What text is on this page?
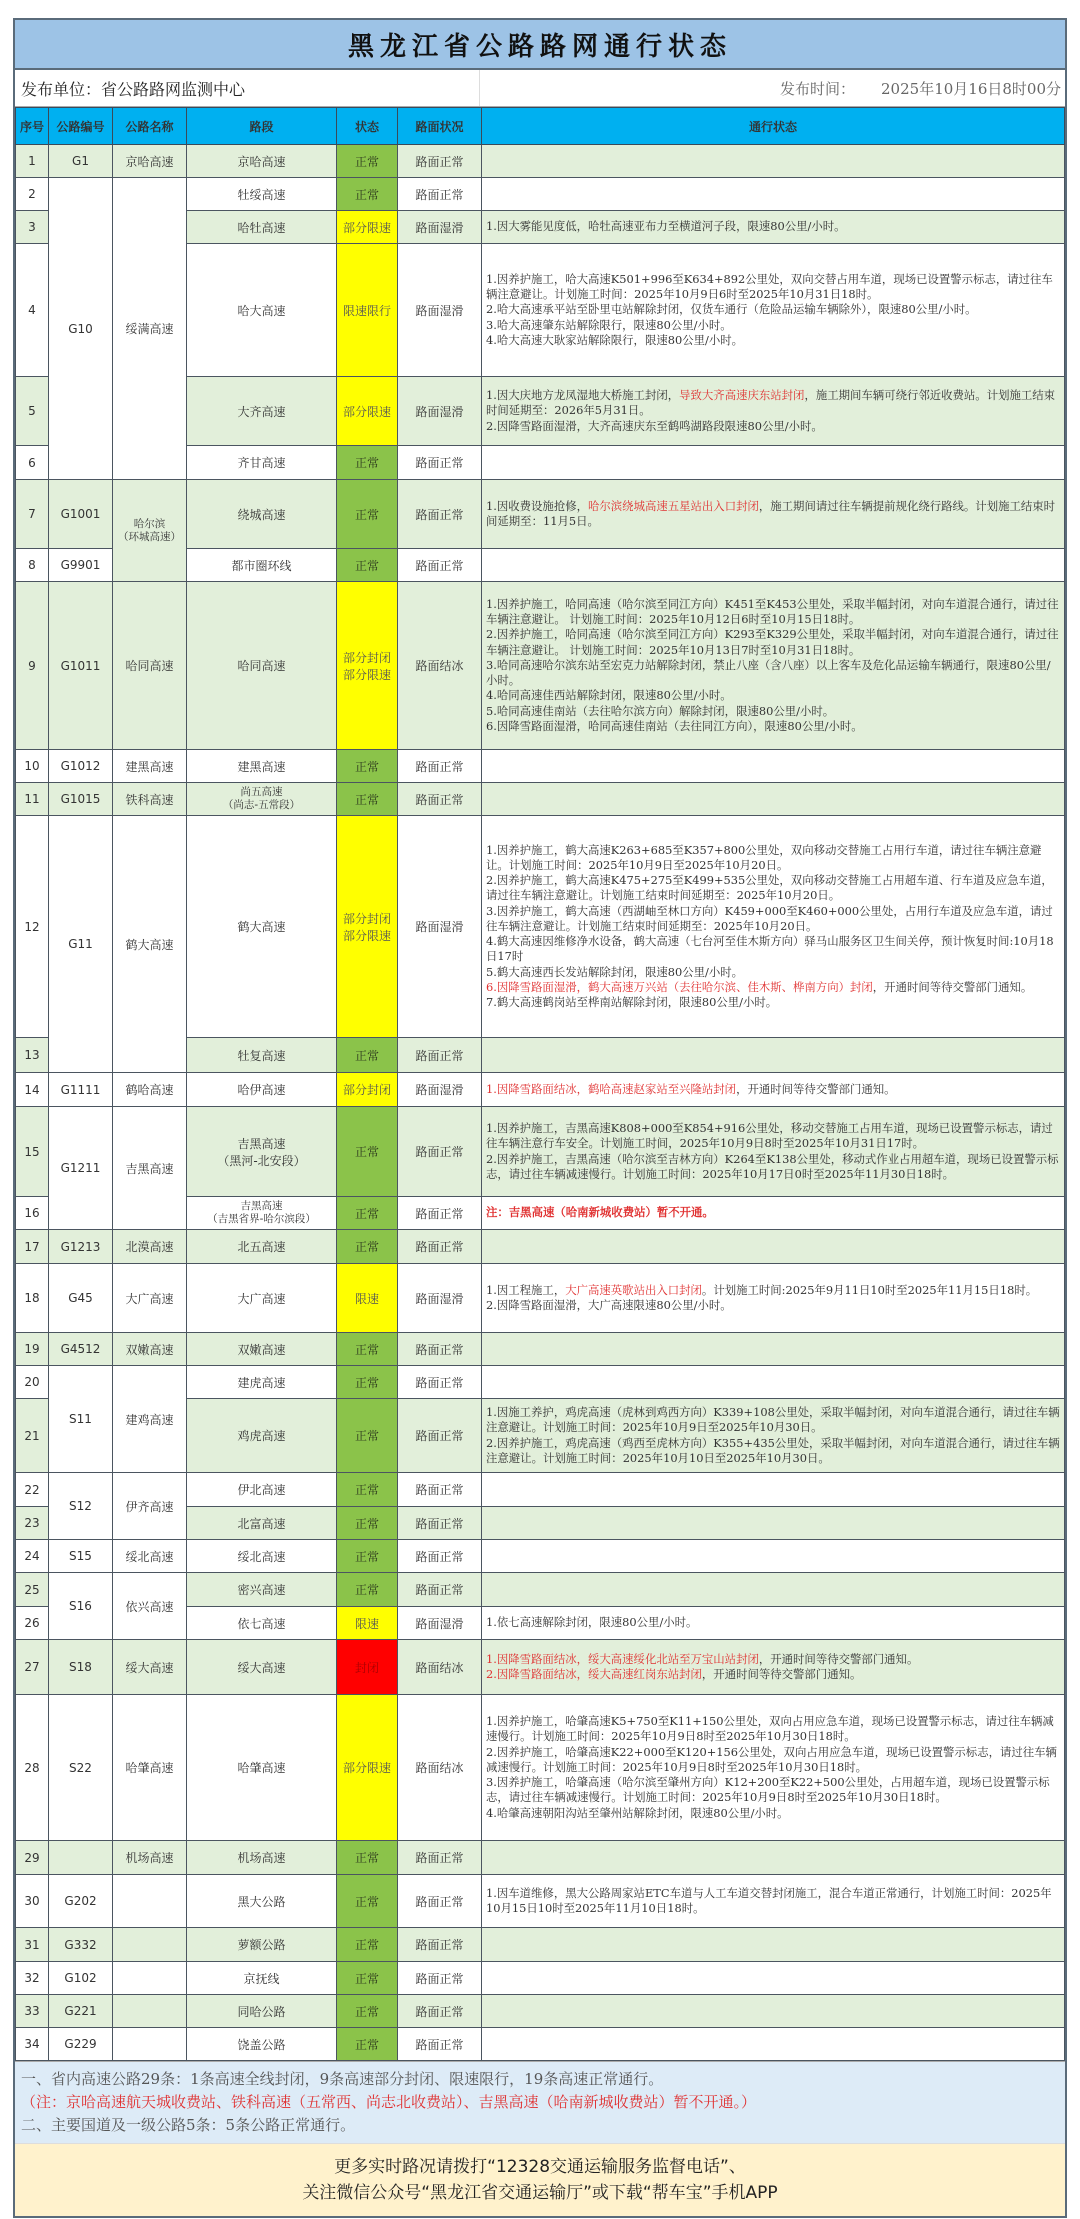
黑龙江省公路路网通行状态
发布单位：省公路路网监测中心	发布时间： 2025年10月16日8时00分
序号	公路编号	公路名称	路段	状态	路面状况	通行状态
1	G1	京哈高速	京哈高速	正常	路面正常	
2	G10	绥满高速	牡绥高速	正常	路面正常	
3			哈牡高速	部分限速	路面湿滑	1.因大雾能见度低，哈牡高速亚布力至横道河子段，限速80公里/小时。

4			哈大高速	限速限行	路面湿滑	1.因养护施工，哈大高速K501+996至K634+892公里处，双向交替占用车道，现场已设置警示标志，请过往车辆注意避让。计划施工时间：2025年10月9日6时至2025年10月31日18时。
2.哈大高速承平站至卧里屯站解除封闭，仅货车通行（危险品运输车辆除外），限速80公里/小时。
3.哈大高速肇东站解除限行，限速80公里/小时。
4.哈大高速大耿家站解除限行，限速80公里/小时。

5			大齐高速	部分限速	路面湿滑	1.因大庆地方龙凤湿地大桥施工封闭，导致大齐高速庆东站封闭，施工期间车辆可绕行邻近收费站。计划施工结束时间延期至：2026年5月31日。
2.因降雪路面湿滑，大齐高速庆东至鹤鸣湖路段限速80公里/小时。

6			齐甘高速	正常	路面正常	
7	G1001	哈尔滨
（环城高速）	绕城高速	正常	路面正常	1.因收费设施抢修，哈尔滨绕城高速五星站出入口封闭，施工期间请过往车辆提前规化绕行路线。计划施工结束时间延期至：11月5日。

8	G9901		都市圈环线	正常	路面正常	
9	G1011	哈同高速	哈同高速	
部分封闭
部分限速
	路面结冰	
1.因养护施工，哈同高速（哈尔滨至同江方向）K451至K453公里处，采取半幅封闭，对向车道混合通行，请过往车辆注意避让。 计划施工时间：2025年10月12日6时至10月15日18时。
2.因养护施工，哈同高速（哈尔滨至同江方向）K293至K329公里处，采取半幅封闭，对向车道混合通行，请过往车辆注意避让。 计划施工时间：2025年10月13日7时至10月31日18时。
3.哈同高速哈尔滨东站至宏克力站解除封闭，禁止八座（含八座）以上客车及危化品运输车辆通行，限速80公里/小时。
4.哈同高速佳西站解除封闭，限速80公里/小时。
5.哈同高速佳南站（去往哈尔滨方向）解除封闭，限速80公里/小时。
6.因降雪路面湿滑，哈同高速佳南站（去往同江方向），限速80公里/小时。

10	G1012	建黑高速	建黑高速	正常	路面正常	
11	G1015	铁科高速	尚五高速
（尚志-五常段）	正常	路面正常	
12	G11	鹤大高速	鹤大高速	
部分封闭
部分限速
	路面湿滑	
1.因养护施工，鹤大高速K263+685至K357+800公里处，双向移动交替施工占用行车道，请过往车辆注意避让。计划施工时间：2025年10月9日至2025年10月20日。
2.因养护施工，鹤大高速K475+275至K499+535公里处，双向移动交替施工占用超车道、行车道及应急车道，请过往车辆注意避让。计划施工结束时间延期至：2025年10月20日。
3.因养护施工，鹤大高速（西湖岫至林口方向）K459+000至K460+000公里处，占用行车道及应急车道，请过往车辆注意避让。计划施工结束时间延期至：2025年10月20日。
4.鹤大高速因维修净水设备，鹤大高速（七台河至佳木斯方向）驿马山服务区卫生间关停，预计恢复时间:10月18日17时
5.鹤大高速西长发站解除封闭，限速80公里/小时。
6.因降雪路面湿滑，鹤大高速万兴站（去往哈尔滨、佳木斯、桦南方向）封闭，开通时间等待交警部门通知。
7.鹤大高速鹤岗站至桦南站解除封闭，限速80公里/小时。

13			牡复高速	正常	路面正常	
14	G1111	鹤哈高速	哈伊高速	部分封闭	路面湿滑	1.因降雪路面结冰，鹤哈高速赵家站至兴隆站封闭，开通时间等待交警部门通知。

15	G1211	吉黑高速	
吉黑高速
（黑河-北安段）
	正常	路面正常	
1.因养护施工，吉黑高速K808+000至K854+916公里处，移动交替施工占用车道，现场已设置警示标志，请过往车辆注意行车安全。计划施工时间，2025年10月9日8时至2025年10月31日17时。
2.因养护施工，吉黑高速（哈尔滨至吉林方向）K264至K138公里处，移动式作业占用超车道，现场已设置警示标志，请过往车辆减速慢行。计划施工时间：2025年10月17日0时至2025年11月30日18时。

16			吉黑高速
（吉黑省界-哈尔滨段）	正常	路面正常	注：吉黑高速（哈南新城收费站）暂不开通。
17	G1213	北漠高速	北五高速	正常	路面正常	
18	G45	大广高速	大广高速	限速	路面湿滑	1.因工程施工，大广高速英歌站出入口封闭。计划施工时间:2025年9月11日10时至2025年11月15日18时。
2.因降雪路面湿滑，大广高速限速80公里/小时。

19	G4512	双嫩高速	双嫩高速	正常	路面正常	
20	S11	建鸡高速	建虎高速	正常	路面正常	
21			鸡虎高速	正常	路面正常	1.因施工养护，鸡虎高速（虎林到鸡西方向）K339+108公里处，采取半幅封闭，对向车道混合通行，请过往车辆注意避让。计划施工时间：2025年10月9日至2025年10月30日。
2.因养护施工，鸡虎高速（鸡西至虎林方向）K355+435公里处，采取半幅封闭，对向车道混合通行，请过往车辆注意避让。计划施工时间：2025年10月10日至2025年10月30日。

22	S12	伊齐高速	伊北高速	正常	路面正常	
23			北富高速	正常	路面正常	
24	S15	绥北高速	绥北高速	正常	路面正常	
25	S16	依兴高速	密兴高速	正常	路面正常	
26			依七高速	限速	路面湿滑	1.依七高速解除封闭，限速80公里/小时。

27	S18	绥大高速	绥大高速	封闭	路面结冰	1.因降雪路面结冰，绥大高速绥化北站至万宝山站封闭，开通时间等待交警部门通知。
2.因降雪路面结冰，绥大高速红岗东站封闭，开通时间等待交警部门通知。

28	S22	哈肇高速	哈肇高速	部分限速	路面结冰	1.因养护施工，哈肇高速K5+750至K11+150公里处，双向占用应急车道，现场已设置警示标志，请过往车辆减速慢行。计划施工时间：2025年10月9日8时至2025年10月30日18时。
2.因养护施工，哈肇高速K22+000至K120+156公里处，双向占用应急车道，现场已设置警示标志，请过往车辆减速慢行。计划施工时间：2025年10月9日8时至2025年10月30日18时。
3.因养护施工，哈肇高速（哈尔滨至肇州方向）K12+200至K22+500公里处，占用超车道，现场已设置警示标志，请过往车辆减速慢行。计划施工时间：2025年10月9日8时至2025年10月30日18时。
4.哈肇高速朝阳沟站至肇州站解除封闭，限速80公里/小时。

29		机场高速	机场高速	正常	路面正常	
30	G202		黑大公路	正常	路面正常	1.因车道维修，黑大公路周家站ETC车道与人工车道交替封闭施工，混合车道正常通行，计划施工时间：2025年10月15日10时至2025年11月10日18时。

31	G332		萝额公路	正常	路面正常	
32	G102		京抚线	正常	路面正常	
33	G221		同哈公路	正常	路面正常	
34	G229		饶盖公路	正常	路面正常	
一、省内高速公路29条：1条高速全线封闭，9条高速部分封闭、限速限行，19条高速正常通行。
（注：京哈高速航天城收费站、铁科高速（五常西、尚志北收费站）、吉黑高速（哈南新城收费站）暂不开通。）
二、主要国道及一级公路5条：5条公路正常通行。
更多实时路况请拨打“12328交通运输服务监督电话”、
关注微信公众号“黑龙江省交通运输厅”或下载“帮车宝”手机APP
